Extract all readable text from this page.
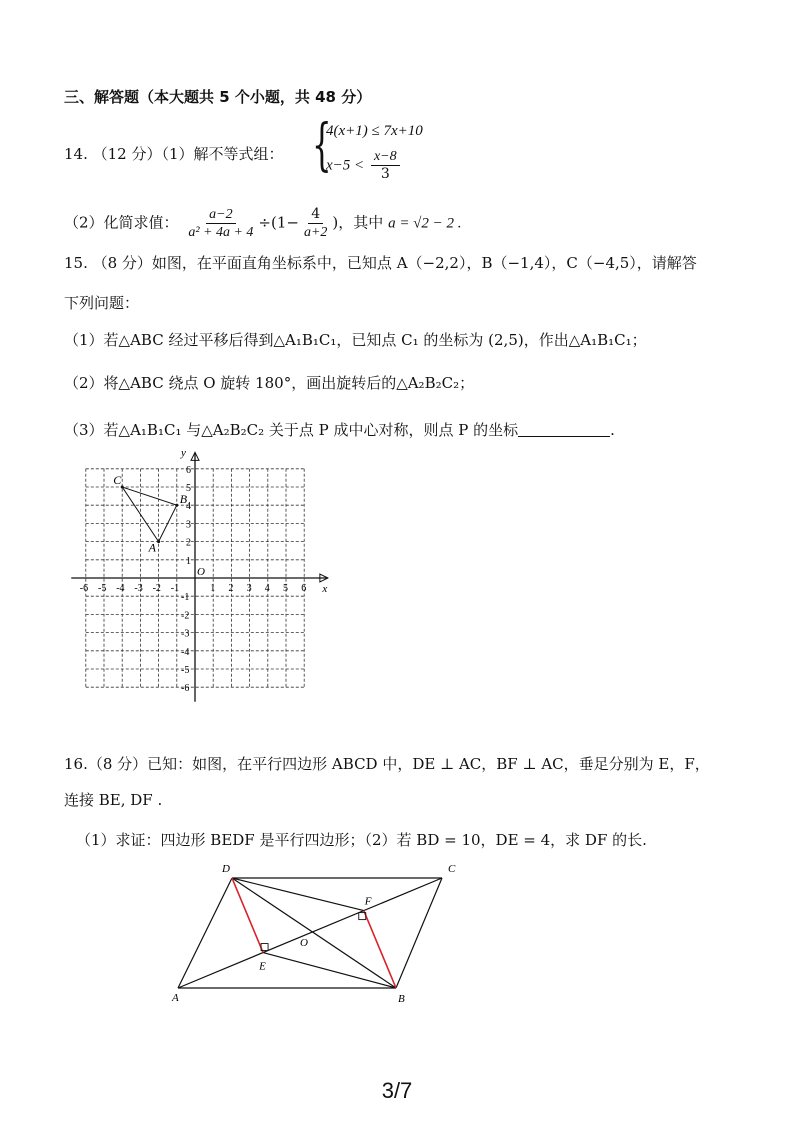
三、解答题（本大题共 5 个小题，共 48 分）
14. （12 分）（1）解不等式组： {
4(x+1) ≤ 7x+10
$x-5 < \frac{x-8}{3}$
（2）化简求值： $\frac{a-2}{\text{a² + 4a + 4}} \div(1- \frac{4}{a+2}$ )，其中 a = √2 − 2 .
15. （8 分）如图，在平面直角坐标系中，已知点 A（−2,2），B（−1,4），C（−4,5），请解答
下列问题：
（1）若△ABC 经过平移后得到△A₁B₁C₁，已知点 C₁ 的坐标为 (2,5)，作出△A₁B₁C₁；
（2）将△ABC 绕点 O 旋转 180°，画出旋转后的△A₂B₂C₂；
（3）若△A₁B₁C₁ 与△A₂B₂C₂ 关于点 P 成中心对称，则点 P 的坐标	.
x
y
O
-6 -5 -4 -3 -2 -1	1 2 3 4 5 6
6
5
4
3
2
1
-1
-2
-3
-4
-5
-6
A
B
C
16.（8 分）已知：如图，在平行四边形 ABCD 中，DE ⊥ AC，BF ⊥ AC，垂足分别为 E，F，
连接 BE, DF .
（1）求证：四边形 BEDF 是平行四边形；（2）若 BD = 10，DE = 4，求 DF 的长.
A	B
C
D
E
F
O
3/7
